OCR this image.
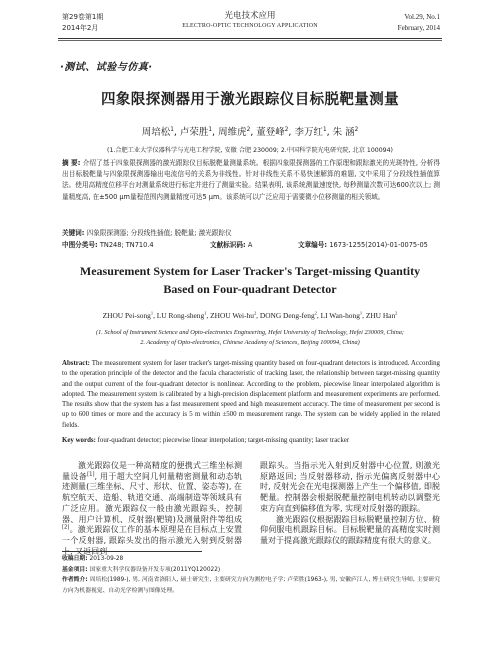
第29卷第1期
2014年2月
光电技术应用
ELECTRO-OPTIC TECHNOLOGY APPLICATION
Vol.29, No.1
February, 2014
·测试、试验与仿真·
四象限探测器用于激光跟踪仪目标脱靶量测量
周培松$^1$, 卢荣胜$^1$, 周维虎$^2$, 董登峰$^2$, 李万红$^1$, 朱 涵$^2$
(1.合肥工业大学仪器科学与光电工程学院, 安徽 合肥 230009; 2.中国科学院光电研究院, 北京 100094)
摘 要: 介绍了基于四象限探测器的激光跟踪仪目标脱靶量测量系统。根据四象限探测器的工作原理和跟踪激光的光斑特性, 分析得出目标脱靶量与四象限探测器输出电流信号的关系为非线性。针对非线性关系不易快速解算的难题, 文中采用了分段线性插值算法。使用高精度位移平台对测量系统进行标定并进行了测量实验。结果表明, 该系统测量速度快, 每秒测量次数可达600次以上; 测量精度高, 在±500 μm量程范围内测量精度可达5 μm。该系统可以广泛应用于需要微小位移测量的相关领域。
关键词: 四象限探测器; 分段线性插值; 脱靶量; 激光跟踪仪
中图分类号: TN248; TN710.4	文献标识码: A	文章编号: 1673-1255(2014)-01-0075-05
Measurement System for Laser Tracker's Target-missing Quantity
Based on Four-quadrant Detector
ZHOU Pei-song$^1$, LU Rong-sheng$^1$, ZHOU Wei-$hu^2$, DONG Deng-feng$^2$, LI Wan-hong$^1$, ZHU Han$^2$
(1. School of Instrument Science and Opto-electronics Engineering, Hefei University of Technology, Hefei 230009, China;
2. Academy of Opto-electronics, Chinese Academy of Sciences, Beijing 100094, China)
Abstract: The measurement system for laser tracker's target-missing quantity based on four-quadrant detectors is introduced. According to the operation principle of the detector and the facula characteristic of tracking laser, the relationship between target-missing quantity and the output current of the four-quadrant detector is nonlinear. According to the problem, piecewise linear interpolated algorithm is adopted. The measurement system is calibrated by a high-precision displacement platform and measurement experiments are performed. The results show that the system has a fast measurement speed and high measurement accuracy. The time of measurement per second is up to 600 times or more and the accuracy is 5 m within ±500 m measurement range. The system can be widely applied in the related fields.
Key words: four-quadrant detector; piecewise linear interpolation; target-missing quantity; laser tracker

激光跟踪仪是一种高精度的便携式三维坐标测量设备[1], 用于超大空间几何量精密测量和动态轨迹测量(三维坐标、尺寸、形状、位置、姿态等), 在航空航天、造船、轨道交通、高端制造等领域具有广泛应用。激光跟踪仪一般由激光跟踪头、控制器、用户计算机、反射器(靶镜)及测量附件等组成[2]。激光跟踪仪工作的基本原理是在目标点上安置一个反射器, 跟踪头发出的指示激光入射到反射器上, 又返回到

跟踪头。当指示光入射到反射器中心位置, 则激光原路返回; 当反射器移动, 指示光偏离反射器中心时, 反射光会在光电探测器上产生一个偏移值, 即脱靶量。控制器会根据脱靶量控制电机转动以调整光束方向直到偏移值为零, 实现对反射器的跟踪。

激光跟踪仪根据跟踪目标脱靶量控制方位、俯仰伺服电机跟踪目标。目标脱靶量的高精度实时测量对于提高激光跟踪仪的跟踪精度有很大的意义。

收稿日期: 2013-09-28

基金项目: 国家重大科学仪器设备开发专项(2011YQ120022)

作者简介: 周培松(1989-), 男, 河南省洛阳人, 硕士研究生, 主要研究方向为测控电子学; 卢荣胜(1963-), 男, 安徽庐江人, 博士研究生导师, 主要研究方向为机器视觉、自动光学检测与图像处理。
